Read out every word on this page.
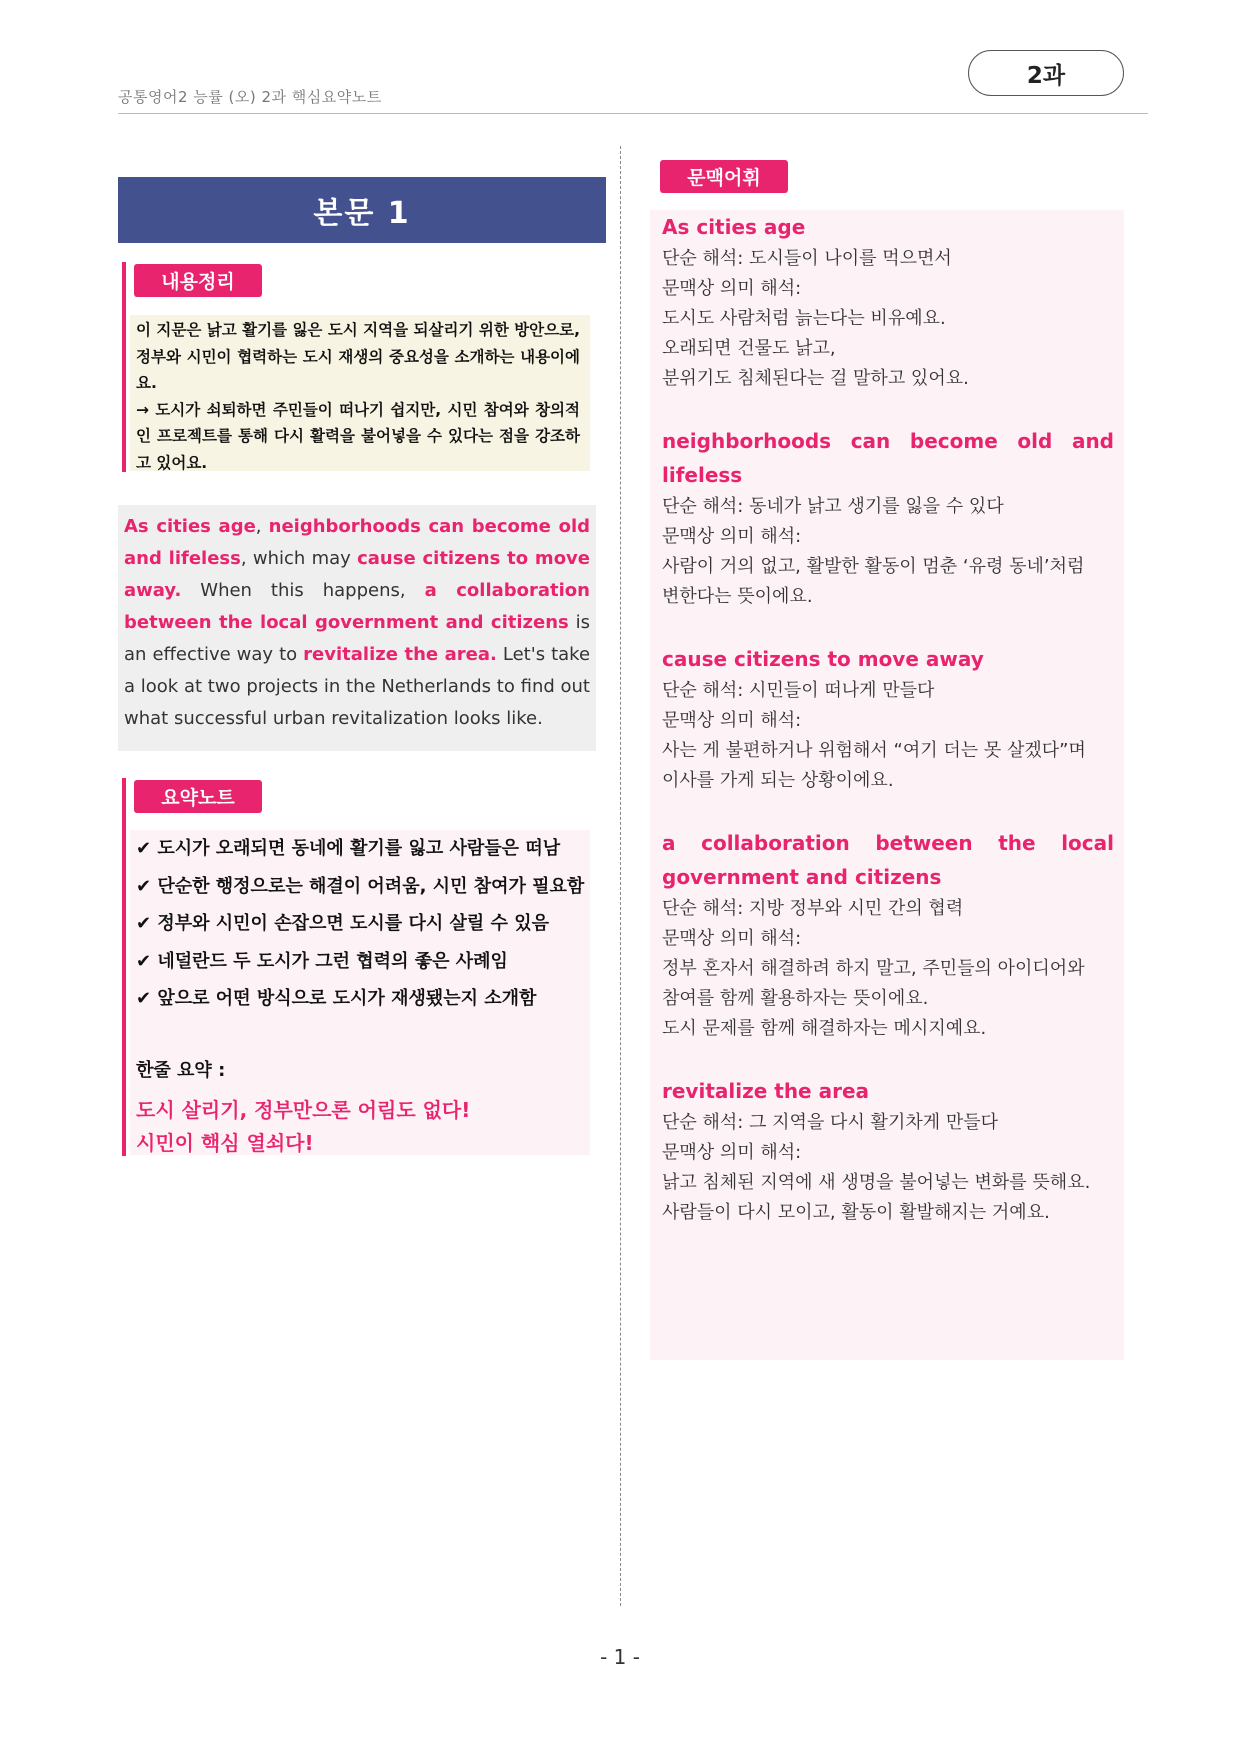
공통영어2 능률 (오) 2과 핵심요약노트
2과
본문 1
내용정리
이 지문은 낡고 활기를 잃은 도시 지역을 되살리기 위한 방안으로, 정부와 시민이 협력하는 도시 재생의 중요성을 소개하는 내용이에요.
→ 도시가 쇠퇴하면 주민들이 떠나기 쉽지만, 시민 참여와 창의적인 프로젝트를 통해 다시 활력을 불어넣을 수 있다는 점을 강조하고 있어요.
As cities age, neighborhoods can become old and lifeless, which may cause citizens to move away. When this happens, a collaboration between the local government and citizens is an effective way to revitalize the area. Let's take a look at two projects in the Netherlands to find out what successful urban revitalization looks like.
요약노트
✔ 도시가 오래되면 동네에 활기를 잃고 사람들은 떠남
✔ 단순한 행정으로는 해결이 어려움, 시민 참여가 필요함
✔ 정부와 시민이 손잡으면 도시를 다시 살릴 수 있음
✔ 네덜란드 두 도시가 그런 협력의 좋은 사례임
✔ 앞으로 어떤 방식으로 도시가 재생됐는지 소개함
한줄 요약 :
도시 살리기, 정부만으론 어림도 없다!
시민이 핵심 열쇠다!
문맥어휘
As cities age
단순 해석: 도시들이 나이를 먹으면서
문맥상 의미 해석:
도시도 사람처럼 늙는다는 비유예요.
오래되면 건물도 낡고,
분위기도 침체된다는 걸 말하고 있어요.
neighborhoods can become old and lifeless
단순 해석: 동네가 낡고 생기를 잃을 수 있다
문맥상 의미 해석:
사람이 거의 없고, 활발한 활동이 멈춘 ‘유령 동네’처럼
변한다는 뜻이에요.
cause citizens to move away
단순 해석: 시민들이 떠나게 만들다
문맥상 의미 해석:
사는 게 불편하거나 위험해서 “여기 더는 못 살겠다”며
이사를 가게 되는 상황이에요.
a collaboration between the local
government and citizens
단순 해석: 지방 정부와 시민 간의 협력
문맥상 의미 해석:
정부 혼자서 해결하려 하지 말고, 주민들의 아이디어와
참여를 함께 활용하자는 뜻이에요.
도시 문제를 함께 해결하자는 메시지예요.
revitalize the area
단순 해석: 그 지역을 다시 활기차게 만들다
문맥상 의미 해석:
낡고 침체된 지역에 새 생명을 불어넣는 변화를 뜻해요.
사람들이 다시 모이고, 활동이 활발해지는 거예요.
- 1 -
